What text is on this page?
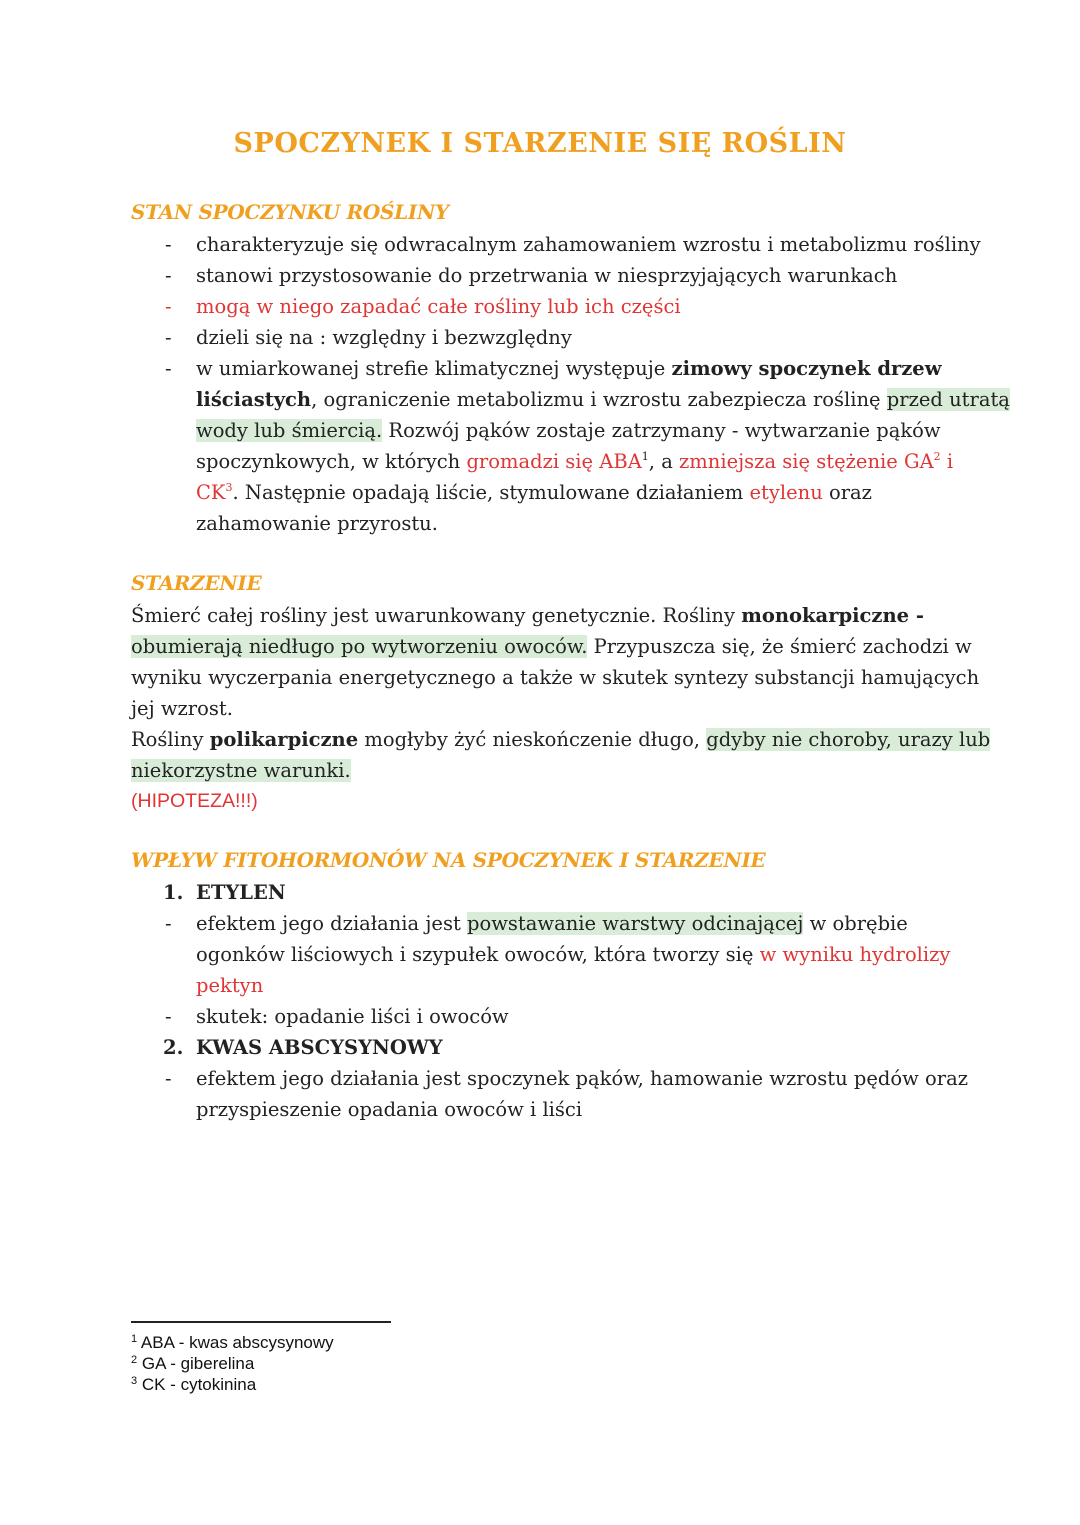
SPOCZYNEK I STARZENIE SIĘ ROŚLIN
STAN SPOCZYNKU ROŚLINY
- charakteryzuje się odwracalnym zahamowaniem wzrostu i metabolizmu rośliny

- stanowi przystosowanie do przetrwania w niesprzyjających warunkach

- mogą w niego zapadać całe rośliny lub ich części

- dzieli się na : względny i bezwzględny

- w umiarkowanej strefie klimatycznej występuje zimowy spoczynek drzew

liściastych, ograniczenie metabolizmu i wzrostu zabezpiecza roślinę przed utratą

wody lub śmiercią. Rozwój pąków zostaje zatrzymany - wytwarzanie pąków

spoczynkowych, w których gromadzi się ABA$^1$, a zmniejsza się stężenie $GA^2$ i

$CK^3$. Następnie opadają liście, stymulowane działaniem etylenu oraz

zahamowanie przyrostu.

STARZENIE

Śmierć całej rośliny jest uwarunkowany genetycznie. Rośliny monokarpiczne -

obumierają niedługo po wytworzeniu owoców. Przypuszcza się, że śmierć zachodzi w

wyniku wyczerpania energetycznego a także w skutek syntezy substancji hamujących

jej wzrost.

Rośliny polikarpiczne mogłyby żyć nieskończenie długo, gdyby nie choroby, urazy lub

niekorzystne warunki.

(HIPOTEZA!!!)

WPŁYW FITOHORMONÓW NA SPOCZYNEK I STARZENIE
1. ETYLEN

- efektem jego działania jest powstawanie warstwy odcinającej w obrębie

ogonków liściowych i szypułek owoców, która tworzy się w wyniku hydrolizy

pektyn

- skutek: opadanie liści i owoców

2. KWAS ABSCYSYNOWY

- efektem jego działania jest spoczynek pąków, hamowanie wzrostu pędów oraz

przyspieszenie opadania owoców i liści

$^1$ ABA - kwas abscysynowy

$^2$ GA - giberelina

$^3$ CK - cytokinina
